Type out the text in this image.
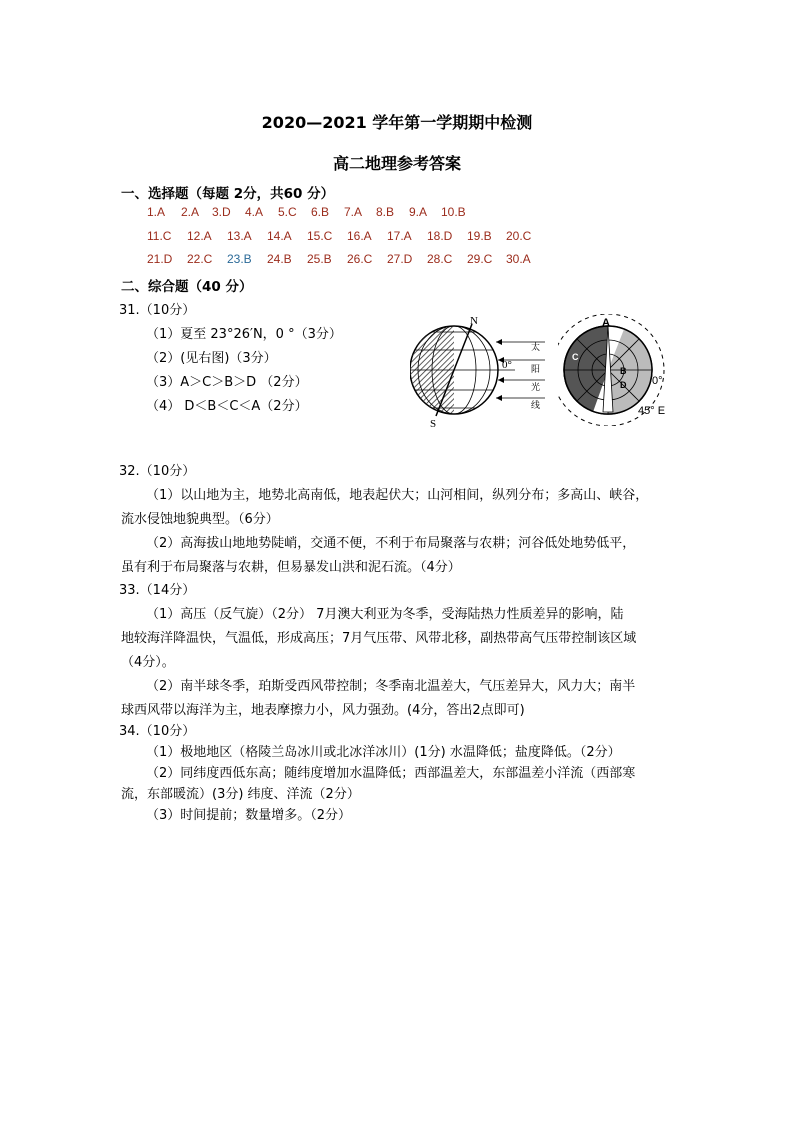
2020—2021 学年第一学期期中检测
高二地理参考答案
一、选择题（每题 2分，共60 分）
1.A 2.A 3.D 4.A 5.C 6.B 7.A 8.B 9.A 10.B
11.C 12.A 13.A 14.A 15.C 16.A 17.A 18.D 19.B 20.C
21.D 22.C 23.B 24.B 25.B 26.C 27.D 28.C 29.C 30.A
二、综合题（40 分）
31.（10分）
（1）夏至 23°26′N，0 °（3分）
（2）(见右图)（3分）
（3）A＞C＞B＞D （2分）
（4） D＜B＜C＜A（2分）
N
S
0°
太
阳
光
线
A
C
B
D 0°
45° E
32.（10分）
（1）以山地为主，地势北高南低，地表起伏大；山河相间，纵列分布；多高山、峡谷，
流水侵蚀地貌典型。（6分）
（2）高海拔山地地势陡峭，交通不便，不利于布局聚落与农耕；河谷低处地势低平，
虽有利于布局聚落与农耕，但易暴发山洪和泥石流。（4分）
33.（14分）
（1）高压（反气旋）（2分） 7月澳大利亚为冬季，受海陆热力性质差异的影响，陆
地较海洋降温快，气温低，形成高压；7月气压带、风带北移，副热带高气压带控制该区域
（4分）。
（2）南半球冬季，珀斯受西风带控制；冬季南北温差大，气压差异大，风力大；南半
球西风带以海洋为主，地表摩擦力小，风力强劲。(4分，答出2点即可)
34.（10分）
（1）极地地区（格陵兰岛冰川或北冰洋冰川）(1分) 水温降低；盐度降低。（2分）
（2）同纬度西低东高；随纬度增加水温降低；西部温差大，东部温差小洋流（西部寒
流，东部暖流）(3分) 纬度、洋流（2分）
（3）时间提前；数量增多。（2分）
